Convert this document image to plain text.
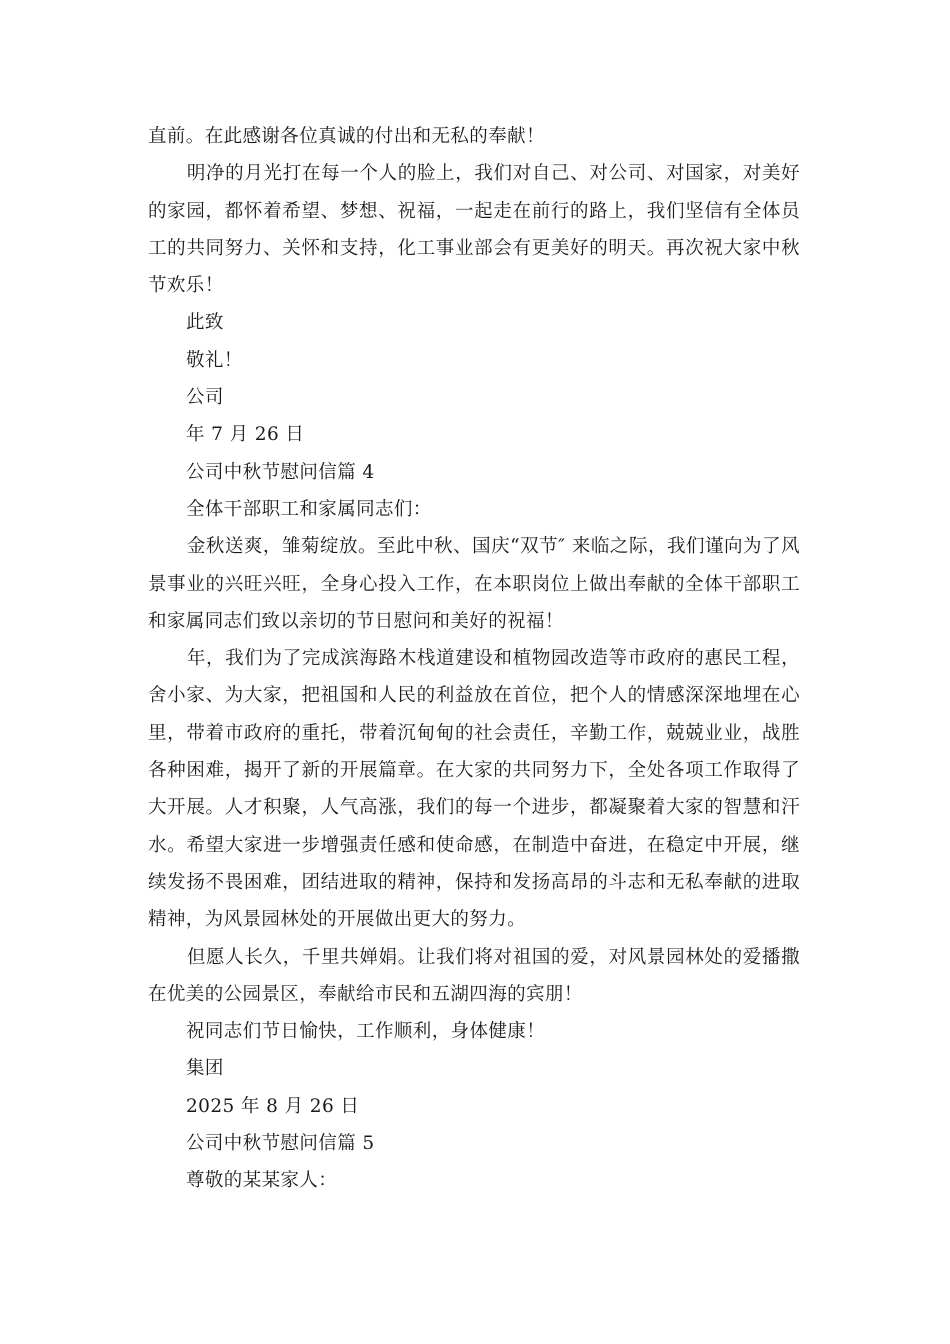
直前。在此感谢各位真诚的付出和无私的奉献！

明净的月光打在每一个人的脸上，我们对自己、对公司、对国家，对美好的家园，都怀着希望、梦想、祝福，一起走在前行的路上，我们坚信有全体员工的共同努力、关怀和支持，化工事业部会有更美好的明天。再次祝大家中秋节欢乐！

此致

敬礼！

公司

年 7 月 26 日

公司中秋节慰问信篇 4

全体干部职工和家属同志们：

金秋送爽，雏菊绽放。至此中秋、国庆“双节″ 来临之际，我们谨向为了风景事业的兴旺兴旺，全身心投入工作，在本职岗位上做出奉献的全体干部职工和家属同志们致以亲切的节日慰问和美好的祝福！

年，我们为了完成滨海路木栈道建设和植物园改造等市政府的惠民工程，舍小家、为大家，把祖国和人民的利益放在首位，把个人的情感深深地埋在心里，带着市政府的重托，带着沉甸甸的社会责任，辛勤工作，兢兢业业，战胜各种困难，揭开了新的开展篇章。在大家的共同努力下，全处各项工作取得了大开展。人才积聚，人气高涨，我们的每一个进步，都凝聚着大家的智慧和汗水。希望大家进一步增强责任感和使命感，在制造中奋进，在稳定中开展，继续发扬不畏困难，团结进取的精神，保持和发扬高昂的斗志和无私奉献的进取精神，为风景园林处的开展做出更大的努力。

但愿人长久，千里共婵娟。让我们将对祖国的爱，对风景园林处的爱播撒在优美的公园景区，奉献给市民和五湖四海的宾朋！

祝同志们节日愉快，工作顺利，身体健康！

集团

2025 年 8 月 26 日

公司中秋节慰问信篇 5

尊敬的某某家人：
